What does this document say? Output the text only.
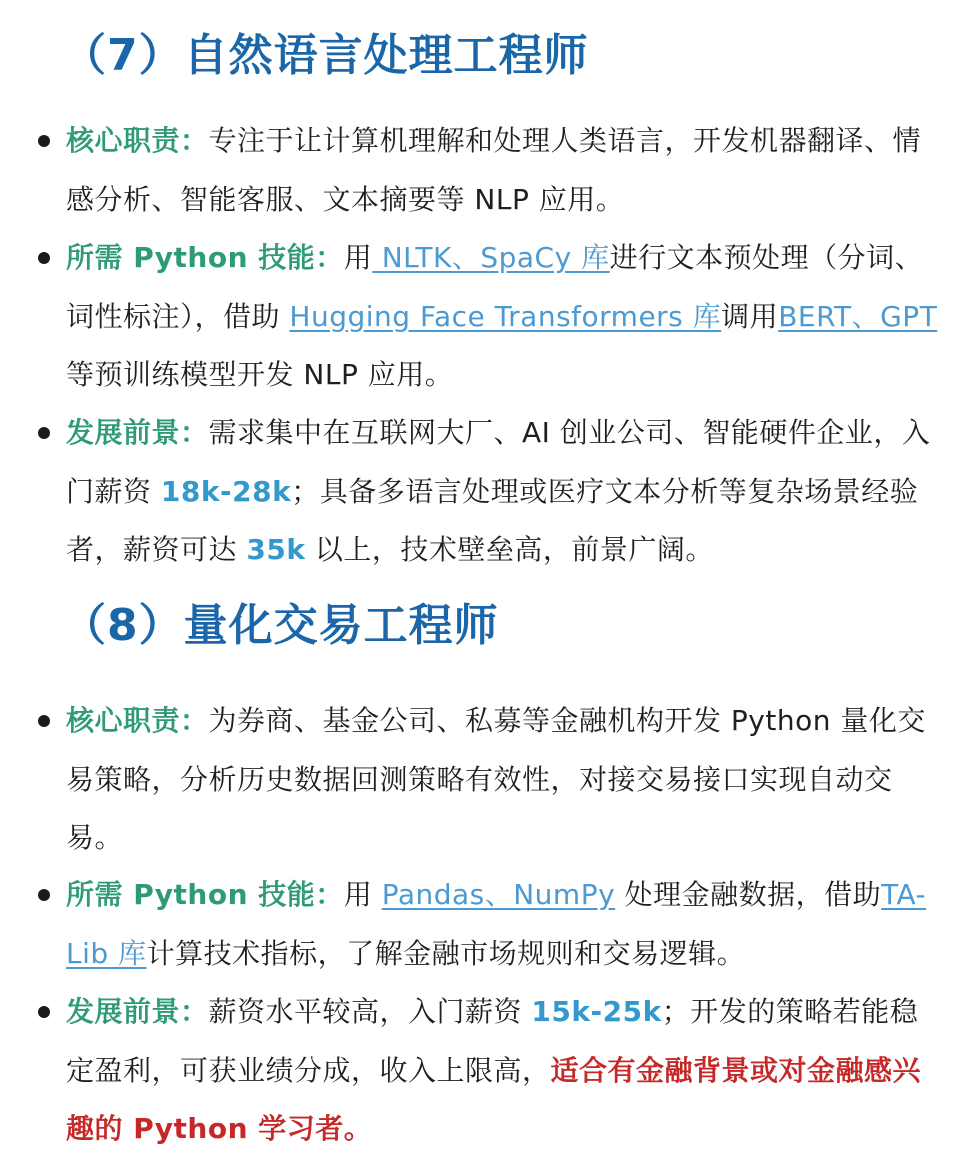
（7）自然语言处理工程师

核心职责：专注于让计算机理解和处理人类语言，开发机器翻译、情感分析、智能客服、文本摘要等 NLP 应用。

所需 Python 技能：用 NLTK、SpaCy 库进行文本预处理（分词、词性标注），借助 Hugging Face Transformers 库调用BERT、GPT 等预训练模型开发 NLP 应用。

发展前景：需求集中在互联网大厂、AI 创业公司、智能硬件企业，入门薪资 18k-28k；具备多语言处理或医疗文本分析等复杂场景经验者，薪资可达 35k 以上，技术壁垒高，前景广阔。

（8）量化交易工程师

核心职责：为券商、基金公司、私募等金融机构开发 Python 量化交易策略，分析历史数据回测策略有效性，对接交易接口实现自动交易。

所需 Python 技能：用 Pandas、NumPy 处理金融数据，借助TA-Lib 库计算技术指标，了解金融市场规则和交易逻辑。

发展前景：薪资水平较高，入门薪资 15k-25k；开发的策略若能稳定盈利，可获业绩分成，收入上限高，适合有金融背景或对金融感兴趣的 Python 学习者。
